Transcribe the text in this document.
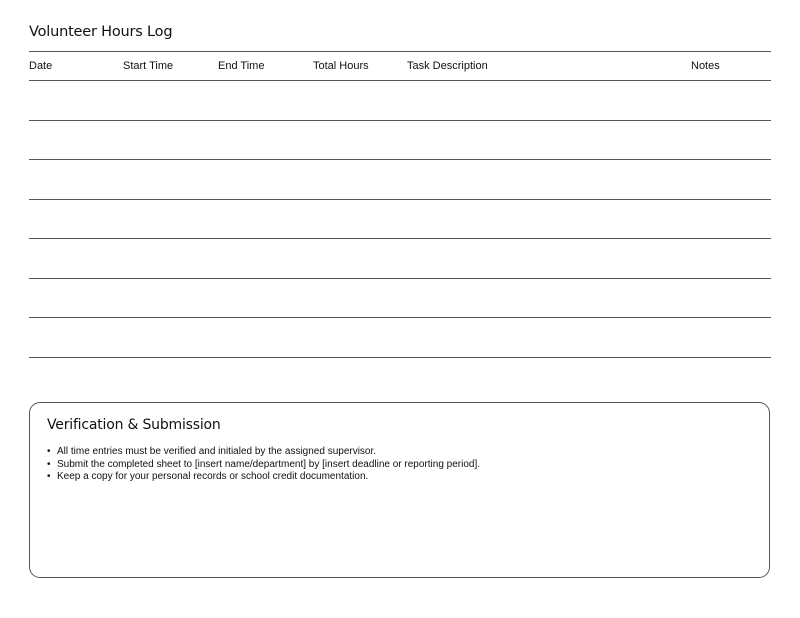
Volunteer Hours Log
Date	Start Time	End Time	Total Hours	Task Description	Notes
Verification & Submission
• All time entries must be verified and initialed by the assigned supervisor.
• Submit the completed sheet to [insert name/department] by [insert deadline or reporting period].
• Keep a copy for your personal records or school credit documentation.
